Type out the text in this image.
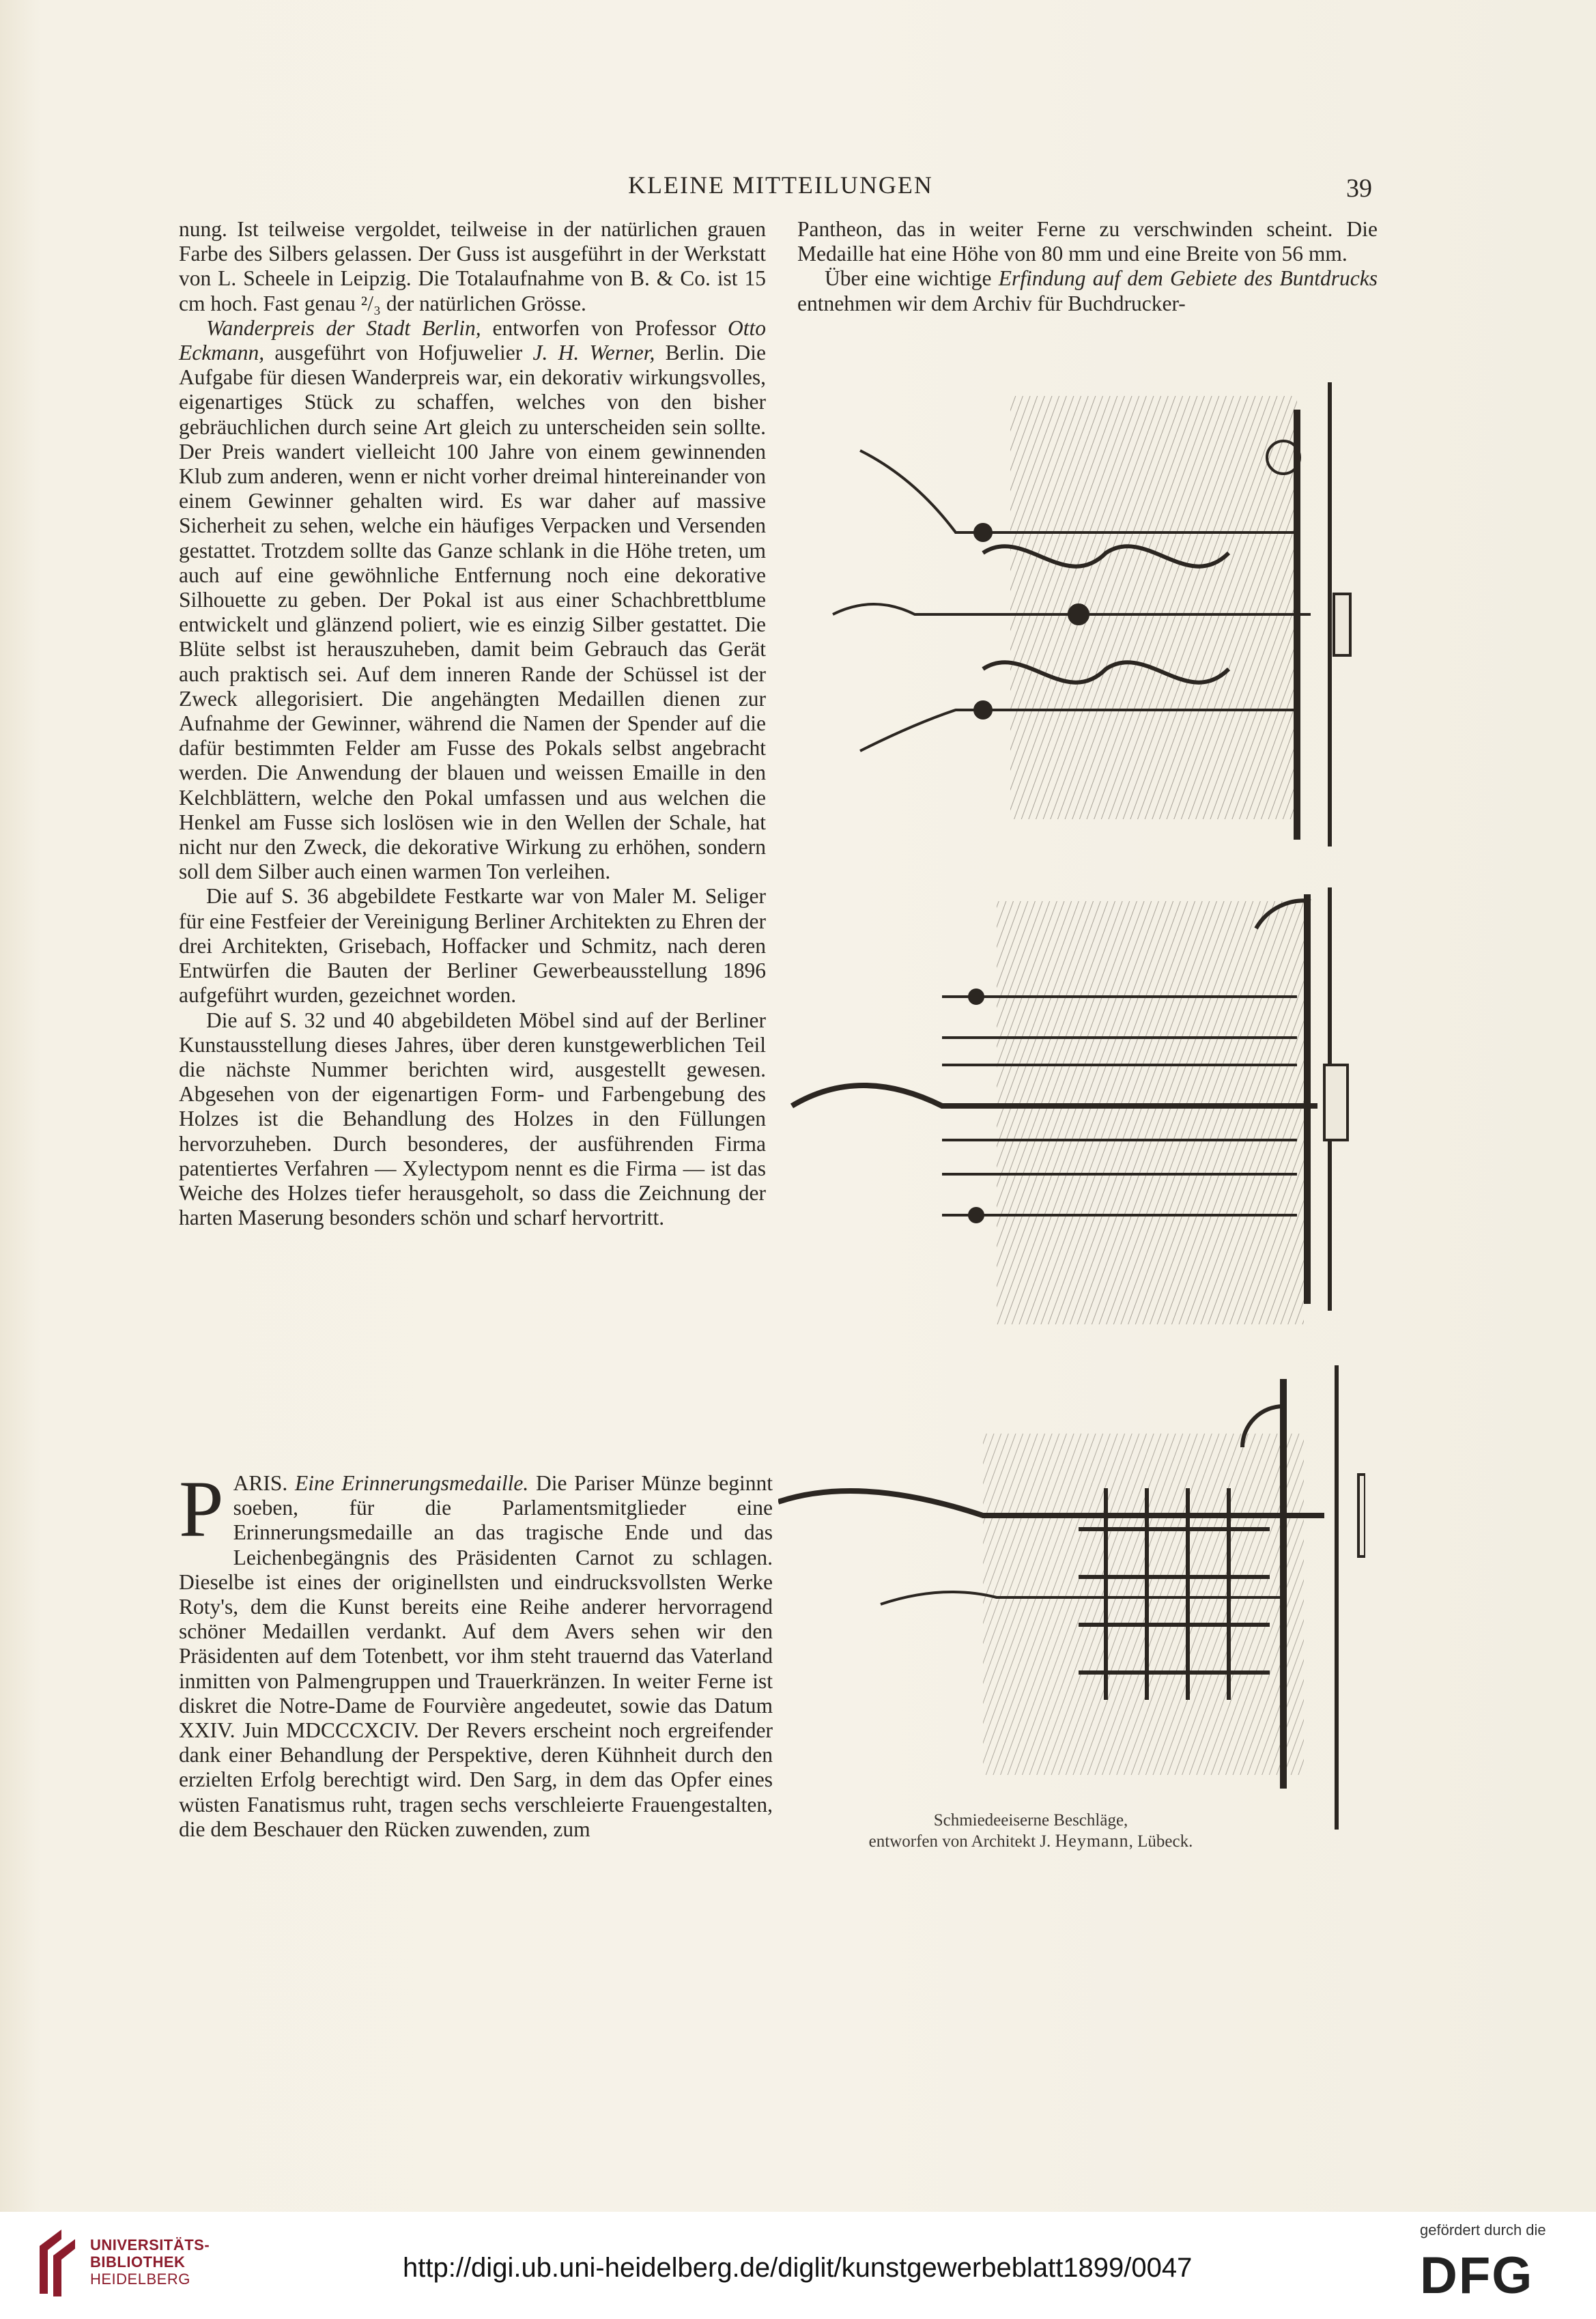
KLEINE MITTEILUNGEN	39

nung. Ist teilweise vergoldet, teilweise in der natürlichen grauen Farbe des Silbers gelassen. Der Guss ist ausgeführt in der Werkstatt von L. Scheele in Leipzig. Die Totalaufnahme von B. & Co. ist 15 cm hoch. Fast genau ²/₃ der natürlichen Grösse.

Wanderpreis der Stadt Berlin, entworfen von Professor Otto Eckmann, ausgeführt von Hofjuwelier J. H. Werner, Berlin. Die Aufgabe für diesen Wanderpreis war, ein dekorativ wirkungsvolles, eigenartiges Stück zu schaffen, welches von den bisher gebräuchlichen durch seine Art gleich zu unterscheiden sein sollte. Der Preis wandert vielleicht 100 Jahre von einem gewinnenden Klub zum anderen, wenn er nicht vorher dreimal hintereinander von einem Gewinner gehalten wird. Es war daher auf massive Sicherheit zu sehen, welche ein häufiges Verpacken und Versenden gestattet. Trotzdem sollte das Ganze schlank in die Höhe treten, um auch auf eine gewöhnliche Entfernung noch eine dekorative Silhouette zu geben. Der Pokal ist aus einer Schachbrettblume entwickelt und glänzend poliert, wie es einzig Silber gestattet. Die Blüte selbst ist herauszuheben, damit beim Gebrauch das Gerät auch praktisch sei. Auf dem inneren Rande der Schüssel ist der Zweck allegorisiert. Die angehängten Medaillen dienen zur Aufnahme der Gewinner, während die Namen der Spender auf die dafür bestimmten Felder am Fusse des Pokals selbst angebracht werden. Die Anwendung der blauen und weissen Emaille in den Kelchblättern, welche den Pokal umfassen und aus welchen die Henkel am Fusse sich loslösen wie in den Wellen der Schale, hat nicht nur den Zweck, die dekorative Wirkung zu erhöhen, sondern soll dem Silber auch einen warmen Ton verleihen.

Die auf S. 36 abgebildete Festkarte war von Maler M. Seliger für eine Festfeier der Vereinigung Berliner Architekten zu Ehren der drei Architekten, Grisebach, Hoffacker und Schmitz, nach deren Entwürfen die Bauten der Berliner Gewerbeausstellung 1896 aufgeführt wurden, gezeichnet worden.

Die auf S. 32 und 40 abgebildeten Möbel sind auf der Berliner Kunstausstellung dieses Jahres, über deren kunstgewerblichen Teil die nächste Nummer berichten wird, ausgestellt gewesen. Abgesehen von der eigenartigen Form- und Farbengebung des Holzes ist die Behandlung des Holzes in den Füllungen hervorzuheben. Durch besonderes, der ausführenden Firma patentiertes Verfahren — Xylectypom nennt es die Firma — ist das Weiche des Holzes tiefer herausgeholt, so dass die Zeichnung der harten Maserung besonders schön und scharf hervortritt.

P ARIS. Eine Erinnerungsmedaille. Die Pariser Münze beginnt soeben, für die Parlamentsmitglieder eine Erinnerungsmedaille an das tragische Ende und das Leichenbegängnis des Präsidenten Carnot zu schlagen. Dieselbe ist eines der originellsten und eindrucksvollsten Werke Roty's, dem die Kunst bereits eine Reihe anderer hervorragend schöner Medaillen verdankt. Auf dem Avers sehen wir den Präsidenten auf dem Totenbett, vor ihm steht trauernd das Vaterland inmitten von Palmengruppen und Trauerkränzen. In weiter Ferne ist diskret die Notre-Dame de Fourvière angedeutet, sowie das Datum XXIV. Juin MDCCCXCIV. Der Revers erscheint noch ergreifender dank einer Behandlung der Perspektive, deren Kühnheit durch den erzielten Erfolg berechtigt wird. Den Sarg, in dem das Opfer eines wüsten Fanatismus ruht, tragen sechs verschleierte Frauengestalten, die dem Beschauer den Rücken zuwenden, zum

Pantheon, das in weiter Ferne zu verschwinden scheint. Die Medaille hat eine Höhe von 80 mm und eine Breite von 56 mm.

Über eine wichtige Erfindung auf dem Gebiete des Buntdrucks entnehmen wir dem Archiv für Buchdrucker-

Schmiedeeiserne Beschläge,
entworfen von Architekt J. Heymann, Lübeck.
UNIVERSITÄTS-
BIBLIOTHEK
HEIDELBERG	http://digi.ub.uni-heidelberg.de/diglit/kunstgewerbeblatt1899/0047
gefördert durch die
DFG
